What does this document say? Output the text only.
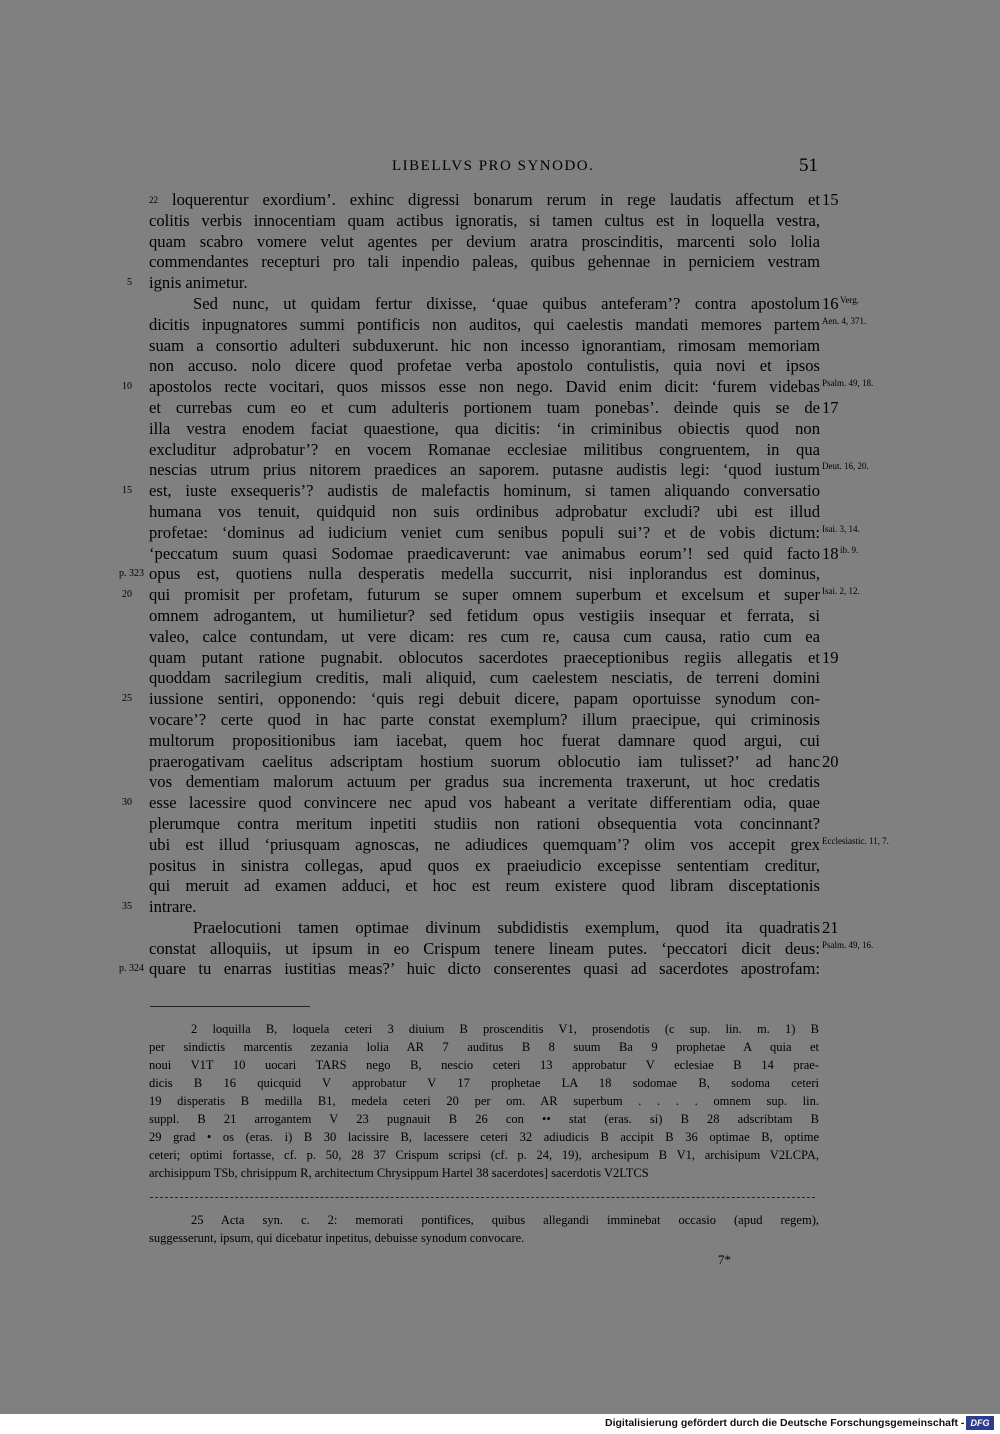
LIBELLVS PRO SYNODO.	51
$^{22}$ loquerentur exordium’. exhinc digressi bonarum rerum in rege laudatis affectum et 15
colitis verbis innocentiam quam actibus ignoratis, si tamen cultus est in loquella vestra,
quam scabro vomere velut agentes per devium aratra proscinditis, marcenti solo lolia
commendantes recepturi pro tali inpendio paleas, quibus gehennae in perniciem vestram
5 ignis animetur.
Sed nunc, ut quidam fertur dixisse, ‘quae quibus anteferam’? contra apostolum 16 Verg.
dicitis inpugnatores summi pontificis non auditos, qui caelestis mandati memores partem Aen. 4, 371.
suam a consortio adulteri subduxerunt. hic non incesso ignorantiam, rimosam memoriam
non accuso. nolo dicere quod profetae verba apostolo contulistis, quia novi et ipsos
10 apostolos recte vocitari, quos missos esse non nego. David enim dicit: ‘furem videbas Psalm. 49, 18.
et currebas cum eo et cum adulteris portionem tuam ponebas’. deinde quis se de 17
illa vestra enodem faciat quaestione, qua dicitis: ‘in criminibus obiectis quod non
excluditur adprobatur’? en vocem Romanae ecclesiae militibus congruentem, in qua
nescias utrum prius nitorem praedices an saporem. putasne audistis legi: ‘quod iustum Deut. 16, 20.
15 est, iuste exsequeris’? audistis de malefactis hominum, si tamen aliquando conversatio
humana vos tenuit, quidquid non suis ordinibus adprobatur excludi? ubi est illud
profetae: ‘dominus ad iudicium veniet cum senibus populi sui’? et de vobis dictum: Isai. 3, 14.
‘peccatum suum quasi Sodomae praedicaverunt: vae animabus eorum’! sed quid facto 18 ib. 9.
p. 323 opus est, quotiens nulla desperatis medella succurrit, nisi inplorandus est dominus,
20 qui promisit per profetam, futurum se super omnem superbum et excelsum et super Isai. 2, 12.
omnem adrogantem, ut humilietur? sed fetidum opus vestigiis insequar et ferrata, si
valeo, calce contundam, ut vere dicam: res cum re, causa cum causa, ratio cum ea
quam putant ratione pugnabit. oblocutos sacerdotes praeceptionibus regiis allegatis et 19
quoddam sacrilegium creditis, mali aliquid, cum caelestem nesciatis, de terreni domini
25 iussione sentiri, opponendo: ‘quis regi debuit dicere, papam oportuisse synodum con-
vocare’? certe quod in hac parte constat exemplum? illum praecipue, qui criminosis
multorum propositionibus iam iacebat, quem hoc fuerat damnare quod argui, cui
praerogativam caelitus adscriptam hostium suorum oblocutio iam tulisset?’ ad hanc 20
vos dementiam malorum actuum per gradus sua incrementa traxerunt, ut hoc credatis
30 esse lacessire quod convincere nec apud vos habeant a veritate differentiam odia, quae
plerumque contra meritum inpetiti studiis non rationi obsequentia vota concinnant?
ubi est illud ‘priusquam agnoscas, ne adiudices quemquam’? olim vos accepit grex Ecclesiastic. 11, 7.
positus in sinistra collegas, apud quos ex praeiudicio excepisse sententiam creditur,
qui meruit ad examen adduci, et hoc est reum existere quod libram disceptationis
35 intrare.
Praelocutioni tamen optimae divinum subdidistis exemplum, quod ita quadratis 21
constat alloquiis, ut ipsum in eo Crispum tenere lineam putes. ‘peccatori dicit deus: Psalm. 49, 16.
p. 324 quare tu enarras iustitias meas?’ huic dicto conserentes quasi ad sacerdotes apostrofam:
2 loquilla B, loquela ceteri 3 diuium B proscenditis V1, prosendotis (c sup. lin. m. 1) B
per sindictis marcentis zezania lolia AR 7 auditus B 8 suum Ba 9 prophetae A quia et
noui V1T 10 uocari TARS nego B, nescio ceteri 13 approbatur V eclesiae B 14 prae-
dicis B 16 quicquid V approbatur V 17 prophetae LA 18 sodomae B, sodoma ceteri
19 disperatis B medilla B1, medela ceteri 20 per om. AR superbum . . . . omnem sup. lin.
suppl. B 21 arrogantem V 23 pugnauit B 26 con •• stat (eras. si) B 28 adscribtam B
29 grad • os (eras. i) B 30 lacissire B, lacessere ceteri 32 adiudicis B accipit B 36 optimae B, optime
ceteri; optimi fortasse, cf. p. 50, 28 37 Crispum scripsi (cf. p. 24, 19), archesipum B V1, archisipum V2LCPA,
archisippum TSb, chrisippum R, architectum Chrysippum Hartel 38 sacerdotes] sacerdotis V2LTCS
25 Acta syn. c. 2: memorati pontifices, quibus allegandi imminebat occasio (apud regem),
suggesserunt, ipsum, qui dicebatur inpetitus, debuisse synodum convocare.
7*
Digitalisierung gefördert durch die Deutsche Forschungsgemeinschaft - DFG
